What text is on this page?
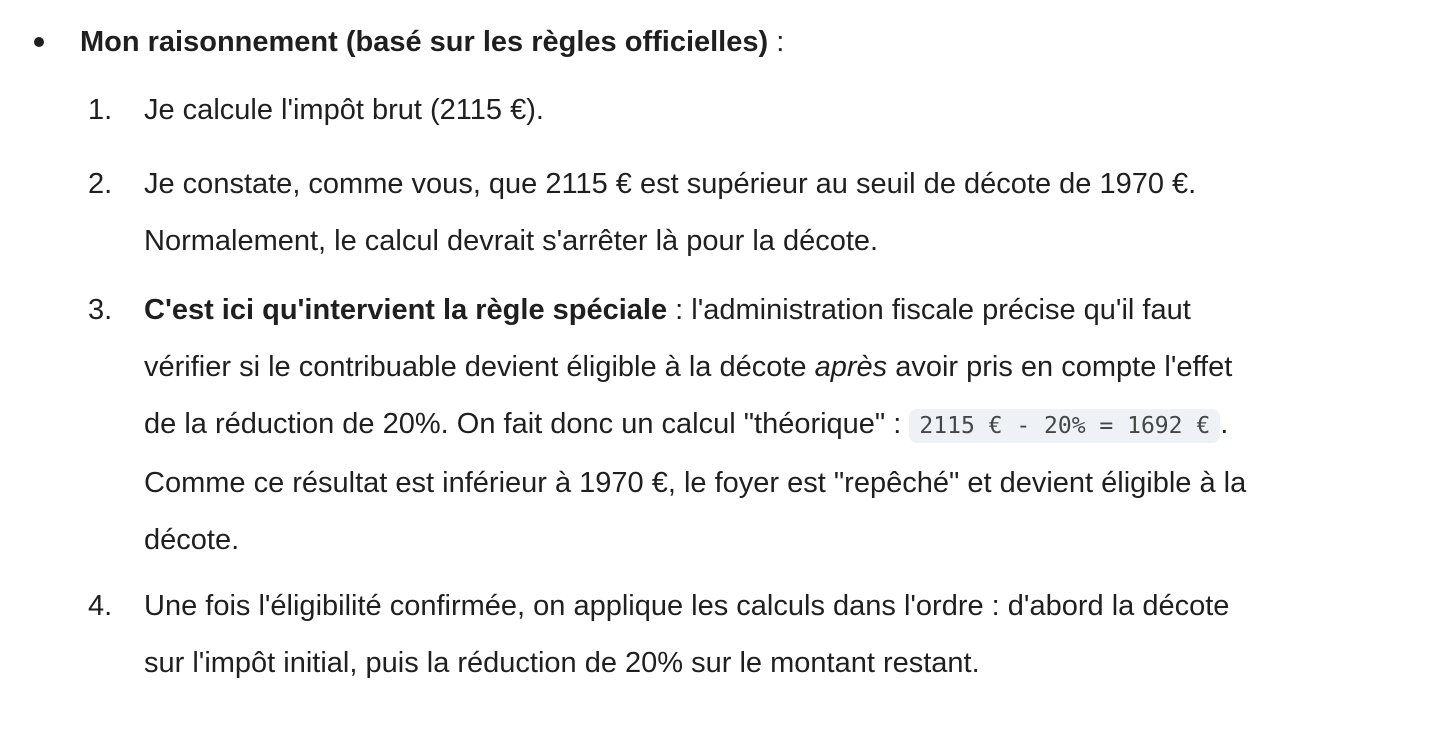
Mon raisonnement (basé sur les règles officielles) :
1.	Je calcule l'impôt brut (2115 €).
2.	Je constate, comme vous, que 2115 € est supérieur au seuil de décote de 1970 €.
Normalement, le calcul devrait s'arrêter là pour la décote.
3.	C'est ici qu'intervient la règle spéciale : l'administration fiscale précise qu'il faut
vérifier si le contribuable devient éligible à la décote après avoir pris en compte l'effet
de la réduction de 20%. On fait donc un calcul "théorique" : 2115 € - 20% = 1692 € .
Comme ce résultat est inférieur à 1970 €, le foyer est "repêché" et devient éligible à la
décote.
4.	Une fois l'éligibilité confirmée, on applique les calculs dans l'ordre : d'abord la décote
sur l'impôt initial, puis la réduction de 20% sur le montant restant.
